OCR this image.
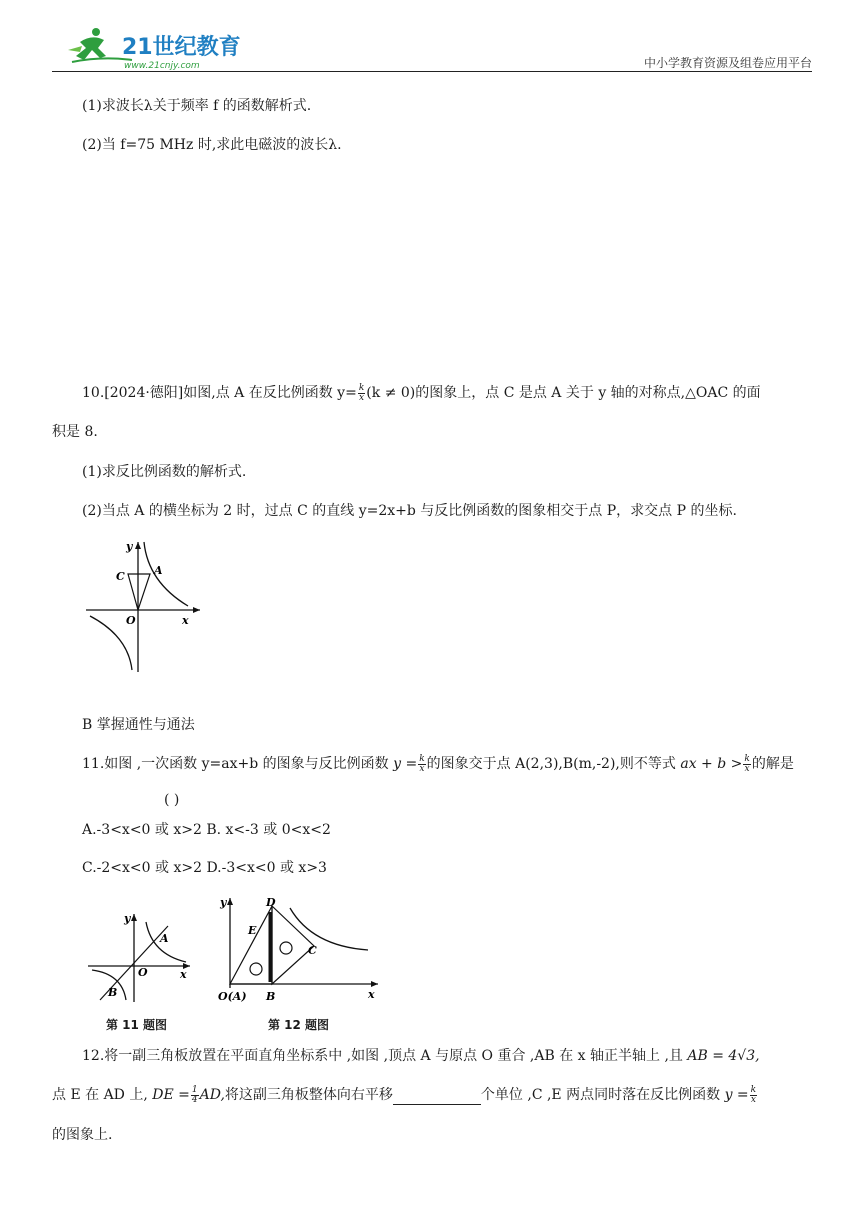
21世纪教育
www.21cnjy.com	中小学教育资源及组卷应用平台
(1)求波长λ关于频率 f 的函数解析式.
(2)当 f=75 MHz 时,求此电磁波的波长λ.
10.[2024·德阳]如图,点 A 在反比例函数 $y= \frac{k}{x} (k \ne 0)$的图象上，点 C 是点 A 关于 y 轴的对称点,△OAC 的面
积是 8.
(1)求反比例函数的解析式.
(2)当点 A 的横坐标为 2 时，过点 C 的直线 y=2x+b 与反比例函数的图象相交于点 P，求交点 P 的坐标.
y
x
O
C	A
B 掌握通性与通法
11.如图 ,一次函数 y=ax+b 的图象与反比例函数 $y = \frac{k}{x}$ 的图象交于点 A(2,3),B(m,-2),则不等式 ax + $b > \frac{k}{x}$ 的解是
( )
A.-3<x<0 或 x>2 B. x<-3 或 0<x<2
C.-2<x<0 或 x>2 D.-3<x<0 或 x>3
y
x
O
A
B
第 11 题图
y
x
D
E
C
O(A) B
第 12 题图
12.将一副三角板放置在平面直角坐标系中 ,如图 ,顶点 A 与原点 O 重合 ,AB 在 x 轴正半轴上 ,且 AB = 4√3,
点 E 在 AD 上, DE = $\frac{1}{4}$ AD,将这副三角板整体向右平移	个单位 ,C ,E 两点同时落在反比例函数 $y = \frac{k}{x}$
的图象上.
